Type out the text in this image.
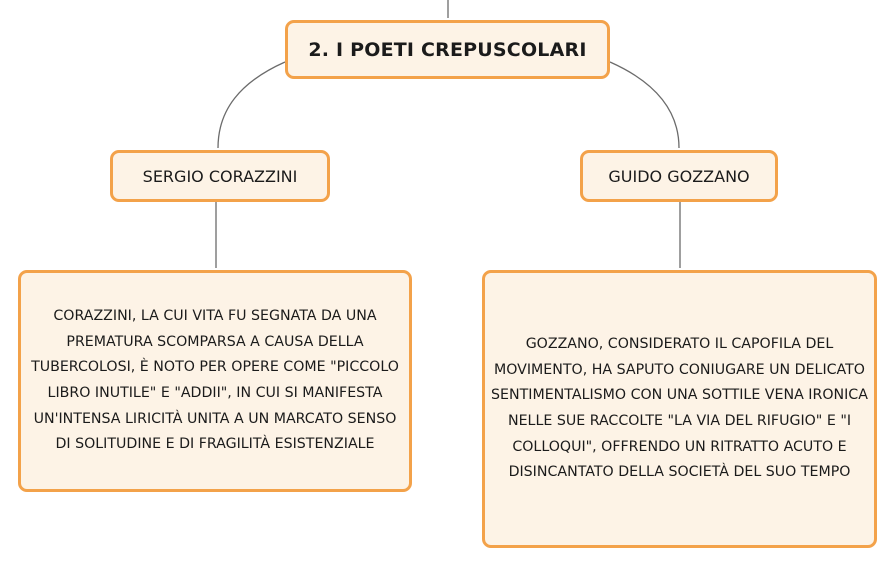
2. I POETI CREPUSCOLARI
SERGIO CORAZZINI	GUIDO GOZZANO
CORAZZINI, LA CUI VITA FU SEGNATA DA UNA PREMATURA SCOMPARSA A CAUSA DELLA TUBERCOLOSI, È NOTO PER OPERE COME "PICCOLO LIBRO INUTILE" E "ADDII", IN CUI SI MANIFESTA UN'INTENSA LIRICITÀ UNITA A UN MARCATO SENSO DI SOLITUDINE E DI FRAGILITÀ ESISTENZIALE
GOZZANO, CONSIDERATO IL CAPOFILA DEL MOVIMENTO, HA SAPUTO CONIUGARE UN DELICATO SENTIMENTALISMO CON UNA SOTTILE VENA IRONICA NELLE SUE RACCOLTE "LA VIA DEL RIFUGIO" E "I COLLOQUI", OFFRENDO UN RITRATTO ACUTO E DISINCANTATO DELLA SOCIETÀ DEL SUO TEMPO
